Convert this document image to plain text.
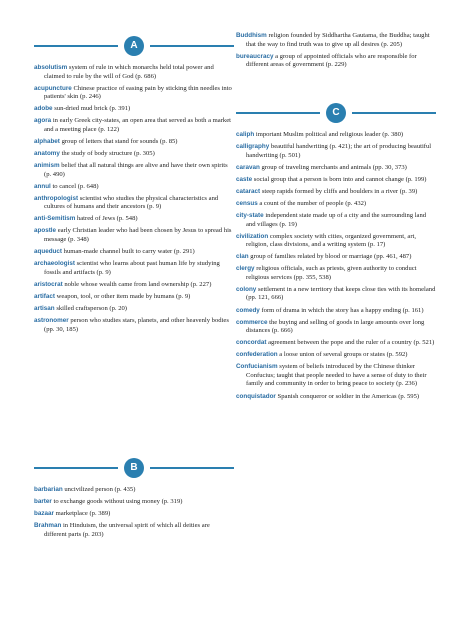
A

absolutism system of rule in which monarchs held total power and claimed to rule by the will of God (p. 686)

acupuncture Chinese practice of easing pain by sticking thin needles into patients' skin (p. 246)

adobe sun-dried mud brick (p. 391)

agora in early Greek city-states, an open area that served as both a market and a meeting place (p. 122)

alphabet group of letters that stand for sounds (p. 85)

anatomy the study of body structure (p. 305)

animism belief that all natural things are alive and have their own spirits (p. 490)

annul to cancel (p. 648)

anthropologist scientist who studies the physical characteristics and cultures of humans and their ancestors (p. 9)

anti-Semitism hatred of Jews (p. 548)

apostle early Christian leader who had been chosen by Jesus to spread his message (p. 348)

aqueduct human-made channel built to carry water (p. 291)

archaeologist scientist who learns about past human life by studying fossils and artifacts (p. 9)

aristocrat noble whose wealth came from land ownership (p. 227)

artifact weapon, tool, or other item made by humans (p. 9)

artisan skilled craftsperson (p. 20)

astronomer person who studies stars, planets, and other heavenly bodies (pp. 30, 185)

B

barbarian uncivilized person (p. 435)

barter to exchange goods without using money (p. 319)

bazaar marketplace (p. 389)

Brahman in Hinduism, the universal spirit of which all deities are different parts (p. 203)

Buddhism religion founded by Siddhartha Gautama, the Buddha; taught that the way to find truth was to give up all desires (p. 205)

bureaucracy a group of appointed officials who are responsible for different areas of government (p. 229)

C

caliph important Muslim political and religious leader (p. 380)

calligraphy beautiful handwriting (p. 421); the art of producing beautiful handwriting (p. 501)

caravan group of traveling merchants and animals (pp. 30, 373)

caste social group that a person is born into and cannot change (p. 199)

cataract steep rapids formed by cliffs and boulders in a river (p. 39)

census a count of the number of people (p. 432)

city-state independent state made up of a city and the surrounding land and villages (p. 19)

civilization complex society with cities, organized government, art, religion, class divisions, and a writing system (p. 17)

clan group of families related by blood or marriage (pp. 461, 487)

clergy religious officials, such as priests, given authority to conduct religious services (pp. 355, 538)

colony settlement in a new territory that keeps close ties with its homeland (pp. 121, 666)

comedy form of drama in which the story has a happy ending (p. 161)

commerce the buying and selling of goods in large amounts over long distances (p. 666)

concordat agreement between the pope and the ruler of a country (p. 521)

confederation a loose union of several groups or states (p. 592)

Confucianism system of beliefs introduced by the Chinese thinker Confucius; taught that people needed to have a sense of duty to their family and community in order to bring peace to society (p. 236)

conquistador Spanish conqueror or soldier in the Americas (p. 595)
